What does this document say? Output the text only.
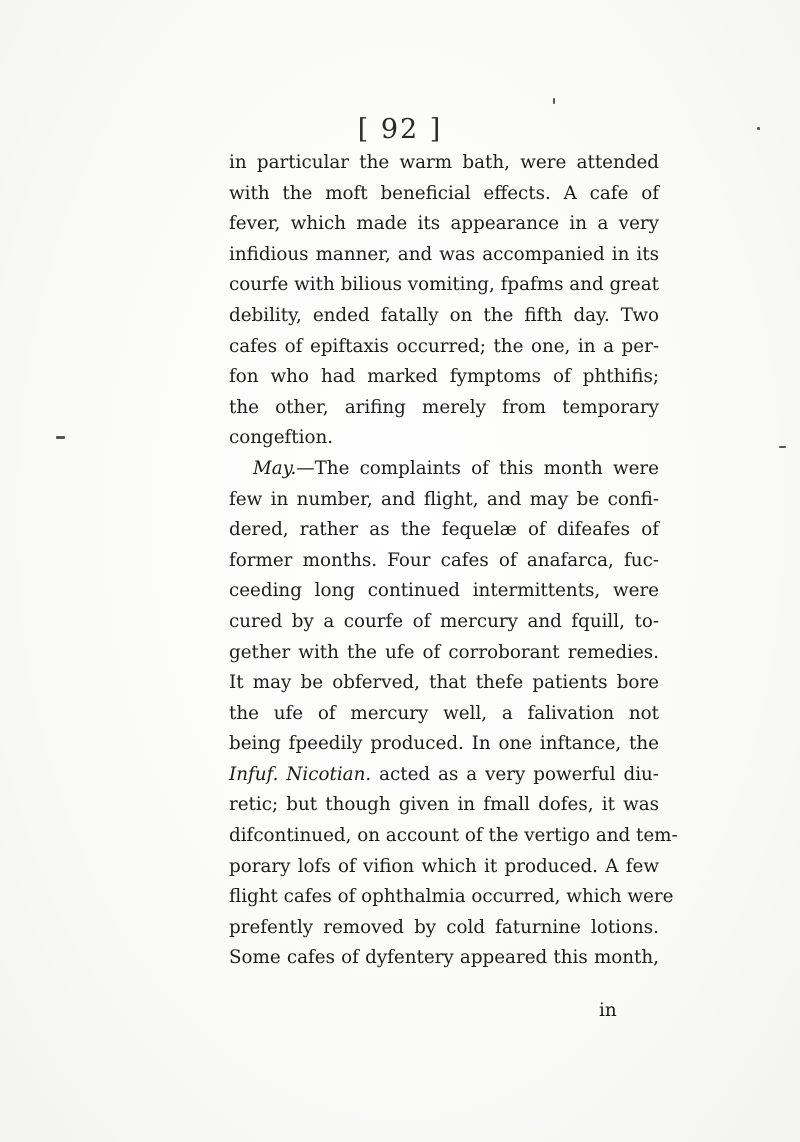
[ 92 ]
in particular the warm bath, were attended
with the moft beneficial effects. A cafe of
fever, which made its appearance in a very
infidious manner, and was accompanied in its
courfe with bilious vomiting, fpafms and great
debility, ended fatally on the fifth day. Two
cafes of epiftaxis occurred; the one, in a per-
fon who had marked fymptoms of phthifis;
the other, arifing merely from temporary
congeftion.
May.—The complaints of this month were
few in number, and flight, and may be confi-
dered, rather as the fequelæ of difeafes of
former months. Four cafes of anafarca, fuc-
ceeding long continued intermittents, were
cured by a courfe of mercury and fquill, to-
gether with the ufe of corroborant remedies.
It may be obferved, that thefe patients bore
the ufe of mercury well, a falivation not
being fpeedily produced. In one inftance, the
Infuf. Nicotian. acted as a very powerful diu-
retic; but though given in fmall dofes, it was
difcontinued, on account of the vertigo and tem-
porary lofs of vifion which it produced. A few
flight cafes of ophthalmia occurred, which were
prefently removed by cold faturnine lotions.
Some cafes of dyfentery appeared this month,
in
